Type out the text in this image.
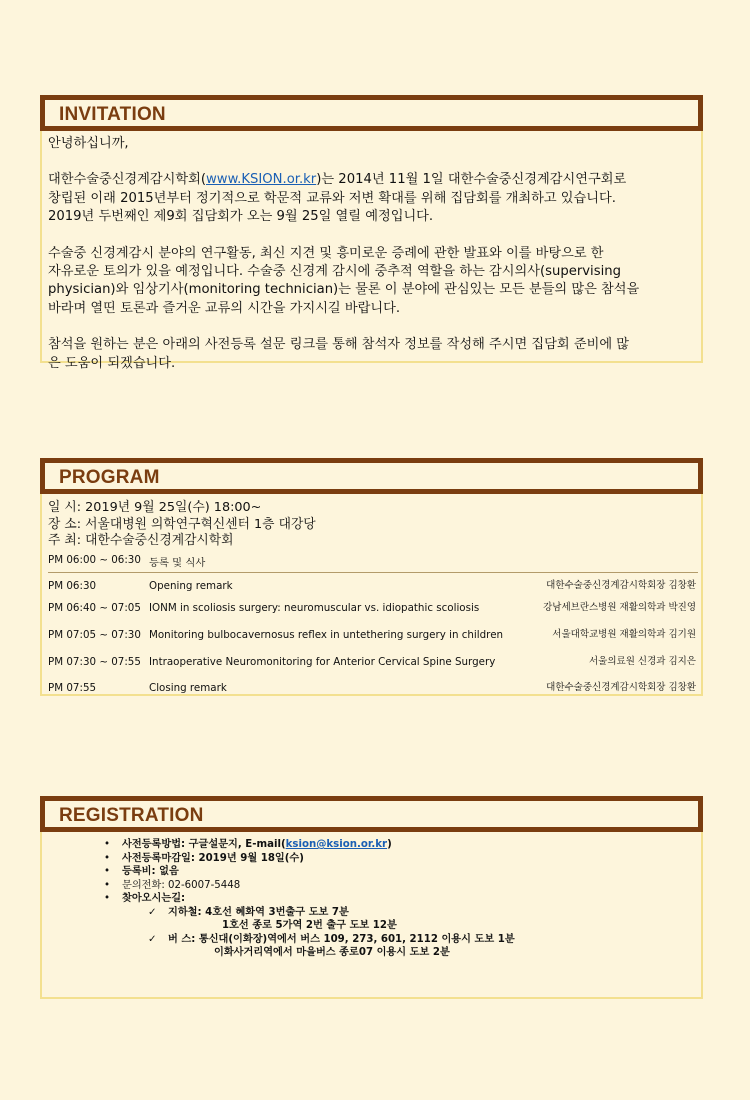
INVITATION

안녕하십니까,

대한수술중신경계감시학회(www.KSION.or.kr)는 2014년 11월 1일 대한수술중신경계감시연구회로
창립된 이래 2015년부터 정기적으로 학문적 교류와 저변 확대를 위해 집담회를 개최하고 있습니다.
2019년 두번째인 제9회 집담회가 오는 9월 25일 열릴 예정입니다.

수술중 신경계감시 분야의 연구활동, 최신 지견 및 흥미로운 증례에 관한 발표와 이를 바탕으로 한
자유로운 토의가 있을 예정입니다. 수술중 신경계 감시에 중추적 역할을 하는 감시의사(supervising
physician)와 임상기사(monitoring technician)는 물론 이 분야에 관심있는 모든 분들의 많은 참석을
바라며 열띤 토론과 즐거운 교류의 시간을 가지시길 바랍니다.

참석을 원하는 분은 아래의 사전등록 설문 링크를 통해 참석자 정보를 작성해 주시면 집담회 준비에 많
은 도움이 되겠습니다.

PROGRAM
일 시: 2019년 9월 25일(수) 18:00~
장 소: 서울대병원 의학연구혁신센터 1층 대강당
주 최: 대한수술중신경계감시학회
PM 06:00 ~ 06:30 등록 및 식사
PM 06:30	Opening remark	대한수술중신경계감시학회장 김창환
PM 06:40 ~ 07:05 IONM in scoliosis surgery: neuromuscular vs. idiopathic scoliosis	강남세브란스병원 재활의학과 박진영
PM 07:05 ~ 07:30 Monitoring bulbocavernosus reflex in untethering surgery in children	서울대학교병원 재활의학과 김기원
PM 07:30 ~ 07:55 Intraoperative Neuromonitoring for Anterior Cervical Spine Surgery	서울의료원 신경과 김지은
PM 07:55	Closing remark	대한수술중신경계감시학회장 김창환
REGISTRATION
• 사전등록방법: 구글설문지, E-mail(ksion@ksion.or.kr)
• 사전등록마감일: 2019년 9월 18일(수)
• 등록비: 없음
• 문의전화: 02-6007-5448
• 찾아오시는길:
✓ 지하철: 4호선 혜화역 3번출구 도보 7분
1호선 종로 5가역 2번 출구 도보 12분
✓ 버 스: 통신대(이화장)역에서 버스 109, 273, 601, 2112 이용시 도보 1분
이화사거리역에서 마을버스 종로07 이용시 도보 2분
